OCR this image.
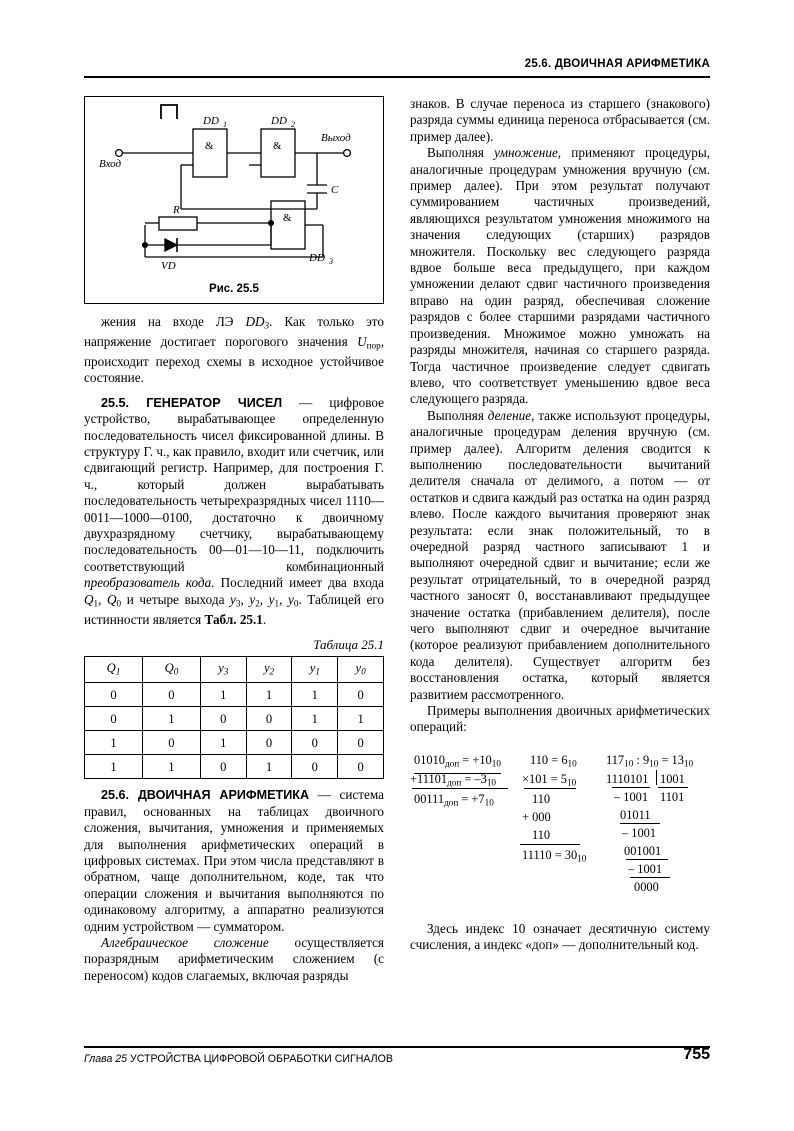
25.6. ДВОИЧНАЯ АРИФМЕТИКА
Вход
Выход
DD 1	DD 2
DD 3
R
C
VD
&	&
&
Рис. 25.5

жения на входе ЛЭ $DD_3$. Как только это напряжение достигает порогового значения $U_{пор}$, происходит переход схемы в исходное устойчивое состояние.

25.5. ГЕНЕРАТОР ЧИСЕЛ — цифровое устройство, вырабатывающее определенную последовательность чисел фиксированной длины. В структуру Г. ч., как правило, входит или счетчик, или сдвигающий регистр. Например, для построения Г. ч., который должен вырабатывать последовательность четырехразрядных чисел 1110—0011—1000—0100, достаточно к двоичному двухразрядному счетчику, вырабатывающему последовательность 00—01—10—11, подключить соответствующий комбинационный преобразователь кода. Последний имеет два входа $Q_1$, $Q_0$ и четыре выхода $y_3$, $y_2$, $y_1$, $y_0$. Таблицей его истинности является Табл. 25.1.

Таблица 25.1
$Q_1$	$Q_0$	$y_3$	$y_2$	$y_1$	$y_0$
0	0	1	1	1	0
0	1	0	0	1	1
1	0	1	0	0	0
1	1	0	1	0	0

25.6. ДВОИЧНАЯ АРИФМЕТИКА — система правил, основанных на таблицах двоичного сложения, вычитания, умножения и применяемых для выполнения арифметических операций в цифровых системах. При этом числа представляют в обратном, чаще дополнительном, коде, так что операции сложения и вычитания выполняются по одинаковому алгоритму, а аппаратно реализуются одним устройством — сумматором.

Алгебраическое сложение осуществляется поразрядным арифметическим сложением (с переносом) кодов слагаемых, включая разряды

знаков. В случае переноса из старшего (знакового) разряда суммы единица переноса отбрасывается (см. пример далее).

Выполняя умножение, применяют процедуры, аналогичные процедурам умножения вручную (см. пример далее). При этом результат получают суммированием частичных произведений, являющихся результатом умножения множимого на значения следующих (старших) разрядов множителя. Поскольку вес следующего разряда вдвое больше веса предыдущего, при каждом умножении делают сдвиг частичного произведения вправо на один разряд, обеспечивая сложение разрядов с более старшими разрядами частичного произведения. Множимое можно умножать на разряды множителя, начиная со старшего разряда. Тогда частичное произведение следует сдвигать влево, что соответствует уменьшению вдвое веса следующего разряда.

Выполняя деление, также используют процедуры, аналогичные процедурам деления вручную (см. пример далее). Алгоритм деления сводится к выполнению последовательности вычитаний делителя сначала от делимого, а потом — от остатков и сдвига каждый раз остатка на один разряд влево. После каждого вычитания проверяют знак результата: если знак положительный, то в очередной разряд частного записывают 1 и выполняют очередной сдвиг и вычитание; если же результат отрицательный, то в очередной разряд частного заносят 0, восстанавливают предыдущее значение остатка (прибавлением делителя), после чего выполняют сдвиг и очередное вычитание (которое реализуют прибавлением дополнительного кода делителя). Существует алгоритм без восстановления остатка, который является развитием рассмотренного.

Примеры выполнения двоичных арифметических операций:

$01010_{доп} = +10_{10}$
$+11101_{доп} = -3_{10}$
$00111_{доп} = +7_{10}$
$110 = 6_{10}$
$\times 101 = 5_{10}$
110
+ 000
110
$11110 = 30_{10}$
$117_{10}$ : $9_{10} = 13_{10}$
1110101 1001
– 1001 1101
01011
– 1001
001001
– 1001
0000

Здесь индекс 10 означает десятичную систему счисления, а индекс «доп» — дополнительный код.

Глава 25 УСТРОЙСТВА ЦИФРОВОЙ ОБРАБОТКИ СИГНАЛОВ	755
